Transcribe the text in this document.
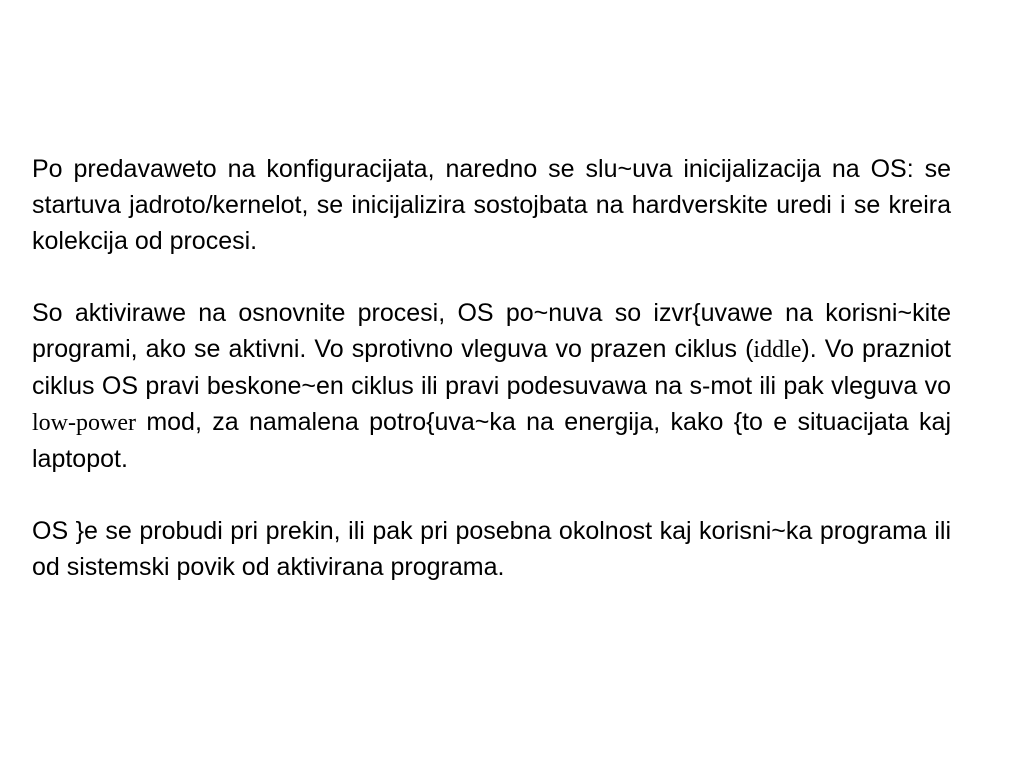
Po predavaweto na konfiguracijata, naredno se slu~uva inicijalizacija na OS: se startuva jadroto/kernelot, se inicijalizira sostojbata na hardverskite uredi i se kreira kolekcija od procesi.

So aktivirawe na osnovnite procesi, OS po~nuva so izvr{uvawe na korisni~kite programi, ako se aktivni. Vo sprotivno vleguva vo prazen ciklus (iddle). Vo prazniot ciklus OS pravi beskone~en ciklus ili pravi podesuvawa na s-mot ili pak vleguva vo low-power mod, za namalena potro{uva~ka na energija, kako {to e situacijata kaj laptopot.

OS }e se probudi pri prekin, ili pak pri posebna okolnost kaj korisni~ka programa ili od sistemski povik od aktivirana programa.
